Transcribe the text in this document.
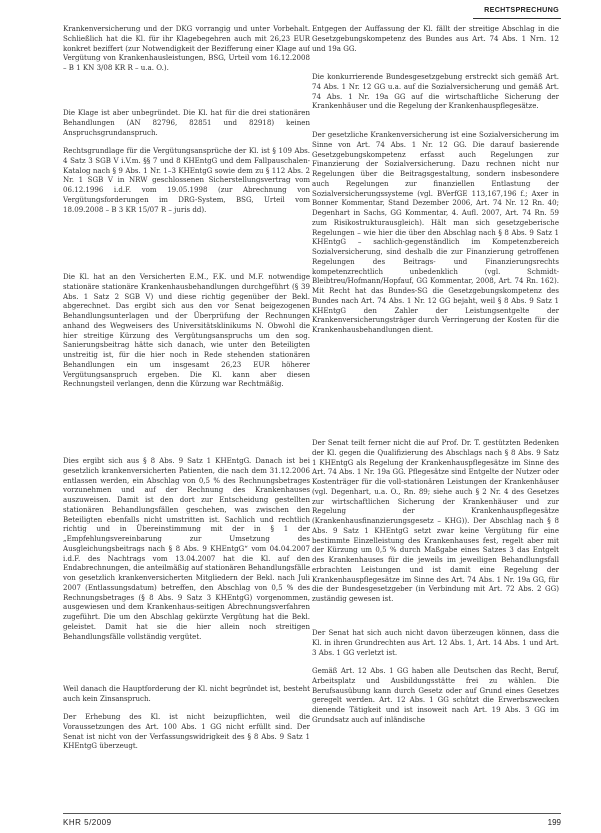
RECHTSPRECHUNG

Krankenversicherung und der DKG vorrangig und unter Vorbehalt. Schließlich hat die Kl. für ihr Klagebegehren auch mit 26,23 EUR konkret beziffert (zur Notwendigkeit der Bezifferung einer Klage auf Vergütung von Krankenhausleistungen, BSG, Urteil vom 16.12.2008 – B 1 KN 3/08 KR R – u.a. O.).

Die Klage ist aber unbegründet. Die Kl. hat für die drei stationären Behandlungen (AN 82796, 82851 und 82918) keinen Anspruchsgrundanspruch.

Rechtsgrundlage für die Vergütungsansprüche der Kl. ist § 109 Abs. 4 Satz 3 SGB V i.V.m. §§ 7 und 8 KHEntgG und dem Fallpauschalen-Katalog nach § 9 Abs. 1 Nr. 1–3 KHEntgG sowie dem zu § 112 Abs. 2 Nr. 1 SGB V in NRW geschlossenen Sicherstellungsvertrag vom 06.12.1996 i.d.F. vom 19.05.1998 (zur Abrechnung von Vergütungsforderungen im DRG-System, BSG, Urteil vom 18.09.2008 – B 3 KR 15/07 R – juris dd).

Die Kl. hat an den Versicherten E.M., F.K. und M.F. notwendige stationäre stationäre Krankenhausbehandlungen durchgeführt (§ 39 Abs. 1 Satz 2 SGB V) und diese richtig gegenüber der Bekl. abgerechnet. Das ergibt sich aus den vor Senat beigezogenen Behandlungsunterlagen und der Überprüfung der Rechnungen anhand des Wegweisers des Universitätsklinikums N. Obwohl die hier streitige Kürzung des Vergütungsanspruchs um den sog. Sanierungsbeitrag hätte sich danach, wie unter den Beteiligten unstreitig ist, für die hier noch in Rede stehenden stationären Behandlungen ein um insgesamt 26,23 EUR höherer Vergütungsanspruch ergeben. Die Kl. kann aber diesen Rechnungsteil verlangen, denn die Kürzung war Rechtmäßig.

Dies ergibt sich aus § 8 Abs. 9 Satz 1 KHEntgG. Danach ist bei gesetzlich krankenversicherten Patienten, die nach dem 31.12.2006 entlassen werden, ein Abschlag von 0,5 % des Rechnungsbetrages vorzunehmen und auf der Rechnung des Krankenhauses auszuweisen. Damit ist den dort zur Entscheidung gestellten stationären Behandlungsfällen geschehen, was zwischen den Beteiligten ebenfalls nicht umstritten ist. Sachlich und rechtlich richtig und in Übereinstimmung mit der in § 1 der „Empfehlungsvereinbarung zur Umsetzung des Ausgleichungsbeitrags nach § 8 Abs. 9 KHEntgG“ vom 04.04.2007 i.d.F. des Nachtrags vom 13.04.2007 hat die Kl. auf den Endabrechnungen, die anteilmäßig auf stationären Behandlungsfälle von gesetzlich krankenversicherten Mitgliedern der Bekl. nach Juli 2007 (Entlassungsdatum) betreffen, den Abschlag von 0,5 % des Rechnungsbetrages (§ 8 Abs. 9 Satz 3 KHEntgG) vorgenommen, ausgewiesen und dem Krankenhaus-seitigen Abrechnungsverfahren zugeführt. Die um den Abschlag gekürzte Vergütung hat die Bekl. geleistet. Damit hat sie die hier allein noch streitigen Behandlungsfälle vollständig vergütet.

Weil danach die Hauptforderung der Kl. nicht begründet ist, besteht auch kein Zinsanspruch.

Der Erhebung des Kl. ist nicht beizupflichten, weil die Voraussetzungen des Art. 100 Abs. 1 GG nicht erfüllt sind. Der Senat ist nicht von der Verfassungswidrigkeit des § 8 Abs. 9 Satz 1 KHEntgG überzeugt.

Entgegen der Auffassung der Kl. fällt der streitige Abschlag in die Gesetzgebungskompetenz des Bundes aus Art. 74 Abs. 1 Nrn. 12 und 19a GG.

Die konkurrierende Bundesgesetzgebung erstreckt sich gemäß Art. 74 Abs. 1 Nr. 12 GG u.a. auf die Sozialversicherung und gemäß Art. 74 Abs. 1 Nr. 19a GG auf die wirtschaftliche Sicherung der Krankenhäuser und die Regelung der Krankenhauspflegesätze.

Der gesetzliche Krankenversicherung ist eine Sozialversicherung im Sinne von Art. 74 Abs. 1 Nr. 12 GG. Die darauf basierende Gesetzgebungskompetenz erfasst auch Regelungen zur Finanzierung der Sozialversicherung. Dazu rechnen nicht nur Regelungen über die Beitragsgestaltung, sondern insbesondere auch Regelungen zur finanziellen Entlastung der Sozialversicherungssysteme (vgl. BVerfGE 113,167,196 f.; Axer in Bonner Kommentar, Stand Dezember 2006, Art. 74 Nr. 12 Rn. 40; Degenhart in Sachs, GG Kommentar, 4. Aufl. 2007, Art. 74 Rn. 59 zum Risikostrukturausgleich). Hält man sich gesetzgeberische Regelungen – wie hier die über den Abschlag nach § 8 Abs. 9 Satz 1 KHEntgG – sachlich-gegenständlich im Kompetenzbereich Sozialversicherung, sind deshalb die zur Finanzierung getroffenen Regelungen des Beitrags- und Finanzierungsrechts kompetenzrechtlich unbedenklich (vgl. Schmidt-Bleibtreu/Hofmann/Hopfauf, GG Kommentar, 2008, Art. 74 Rn. 162). Mit Recht hat das Bundes-SG die Gesetzgebungskompetenz des Bundes nach Art. 74 Abs. 1 Nr. 12 GG bejaht, weil § 8 Abs. 9 Satz 1 KHEntgG den Zahler der Leistungsentgelte der Krankenversicherungsträger durch Verringerung der Kosten für die Krankenhausbehandlungen dient.

Der Senat teilt ferner nicht die auf Prof. Dr. T. gestützten Bedenken der Kl. gegen die Qualifizierung des Abschlags nach § 8 Abs. 9 Satz 1 KHEntgG als Regelung der Krankenhauspflegesätze im Sinne des Art. 74 Abs. 1 Nr. 19a GG. Pflegesätze sind Entgelte der Nutzer oder Kostenträger für die voll-stationären Leistungen der Krankenhäuser (vgl. Degenhart, u.a. O., Rn. 89; siehe auch § 2 Nr. 4 des Gesetzes zur wirtschaftlichen Sicherung der Krankenhäuser und zur Regelung der Krankenhauspflegesätze (Krankenhausfinanzierungsgesetz – KHG)). Der Abschlag nach § 8 Abs. 9 Satz 1 KHEntgG setzt zwar keine Vergütung für eine bestimmte Einzelleistung des Krankenhauses fest, regelt aber mit der Kürzung um 0,5 % durch Maßgabe eines Satzes 3 das Entgelt des Krankenhauses für die jeweils im jeweiligen Behandlungsfall erbrachten Leistungen und ist damit eine Regelung der Krankenhauspflegesätze im Sinne des Art. 74 Abs. 1 Nr. 19a GG, für die der Bundesgesetzgeber (in Verbindung mit Art. 72 Abs. 2 GG) zuständig gewesen ist.

Der Senat hat sich auch nicht davon überzeugen können, dass die Kl. in ihren Grundrechten aus Art. 12 Abs. 1, Art. 14 Abs. 1 und Art. 3 Abs. 1 GG verletzt ist.

Gemäß Art. 12 Abs. 1 GG haben alle Deutschen das Recht, Beruf, Arbeitsplatz und Ausbildungsstätte frei zu wählen. Die Berufsausübung kann durch Gesetz oder auf Grund eines Gesetzes geregelt werden. Art. 12 Abs. 1 GG schützt die Erwerbszwecken dienende Tätigkeit und ist insoweit nach Art. 19 Abs. 3 GG im Grundsatz auch auf inländische

KHR 5/2009	199
